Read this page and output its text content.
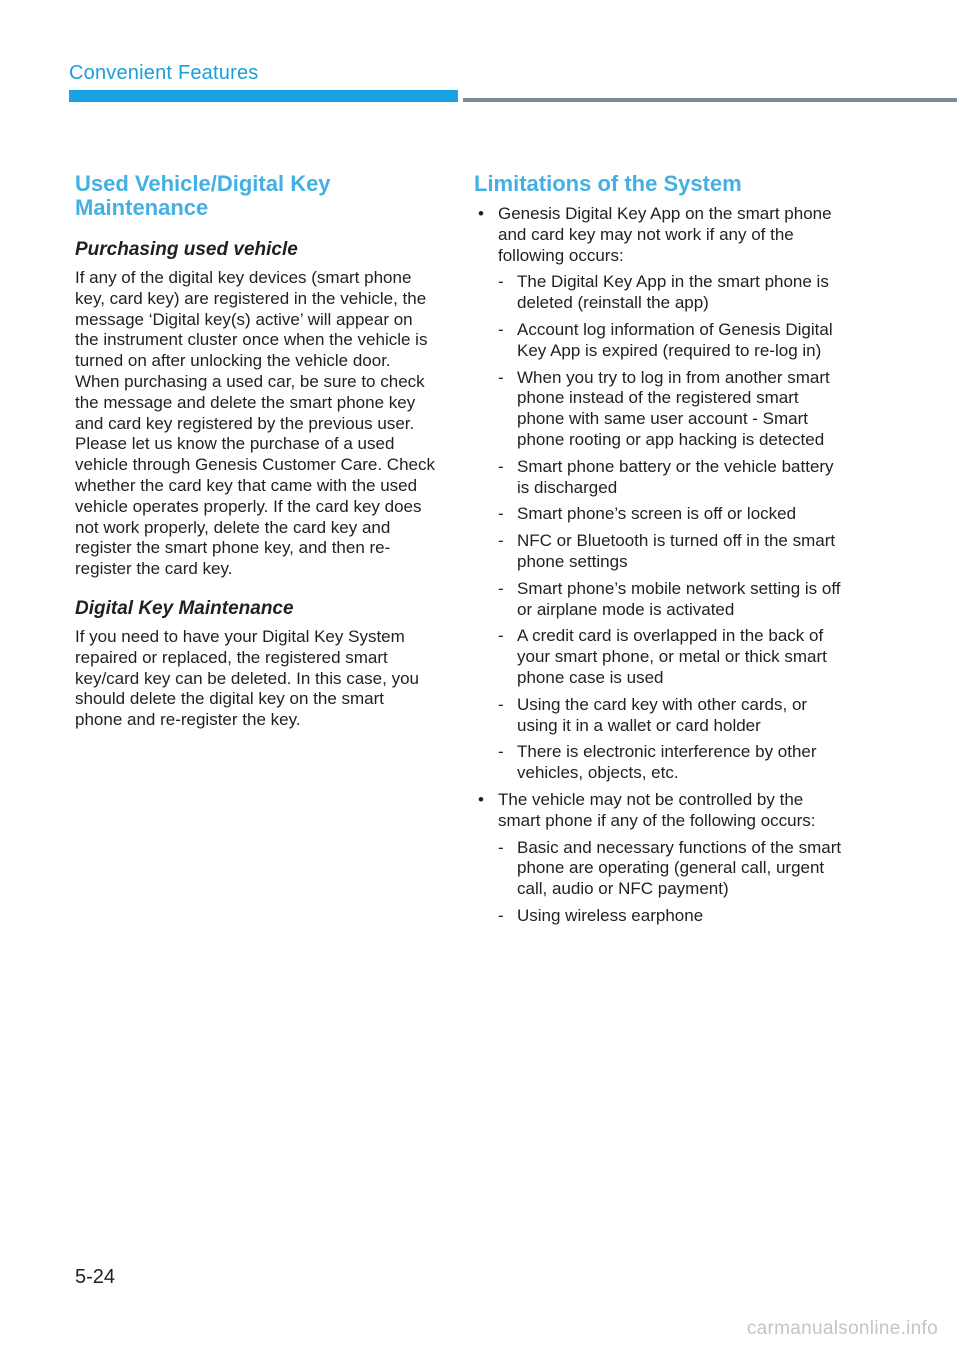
Convenient Features
Used Vehicle/Digital Key Maintenance
Purchasing used vehicle

If any of the digital key devices (smart phone key, card key) are registered in the vehicle, the message ‘Digital key(s) active’ will appear on the instrument cluster once when the vehicle is turned on after unlocking the vehicle door. When purchasing a used car, be sure to check the message and delete the smart phone key and card key registered by the previous user. Please let us know the purchase of a used vehicle through Genesis Customer Care. Check whether the card key that came with the used vehicle operates properly. If the card key does not work properly, delete the card key and register the smart phone key, and then re-register the card key.

Digital Key Maintenance

If you need to have your Digital Key System repaired or replaced, the registered smart key/card key can be deleted. In this case, you should delete the digital key on the smart phone and re-register the key.

Limitations of the System
• Genesis Digital Key App on the smart phone and card key may not work if any of the following occurs:
- The Digital Key App in the smart phone is deleted (reinstall the app)
- Account log information of Genesis Digital Key App is expired (required to re-log in)
- When you try to log in from another smart phone instead of the registered smart phone with same user account - Smart phone rooting or app hacking is detected
- Smart phone battery or the vehicle battery is discharged
- Smart phone’s screen is off or locked
- NFC or Bluetooth is turned off in the smart phone settings
- Smart phone’s mobile network setting is off or airplane mode is activated
- A credit card is overlapped in the back of your smart phone, or metal or thick smart phone case is used
- Using the card key with other cards, or using it in a wallet or card holder
- There is electronic interference by other vehicles, objects, etc.
• The vehicle may not be controlled by the smart phone if any of the following occurs:
- Basic and necessary functions of the smart phone are operating (general call, urgent call, audio or NFC payment)
- Using wireless earphone
5-24
carmanualsonline.info
